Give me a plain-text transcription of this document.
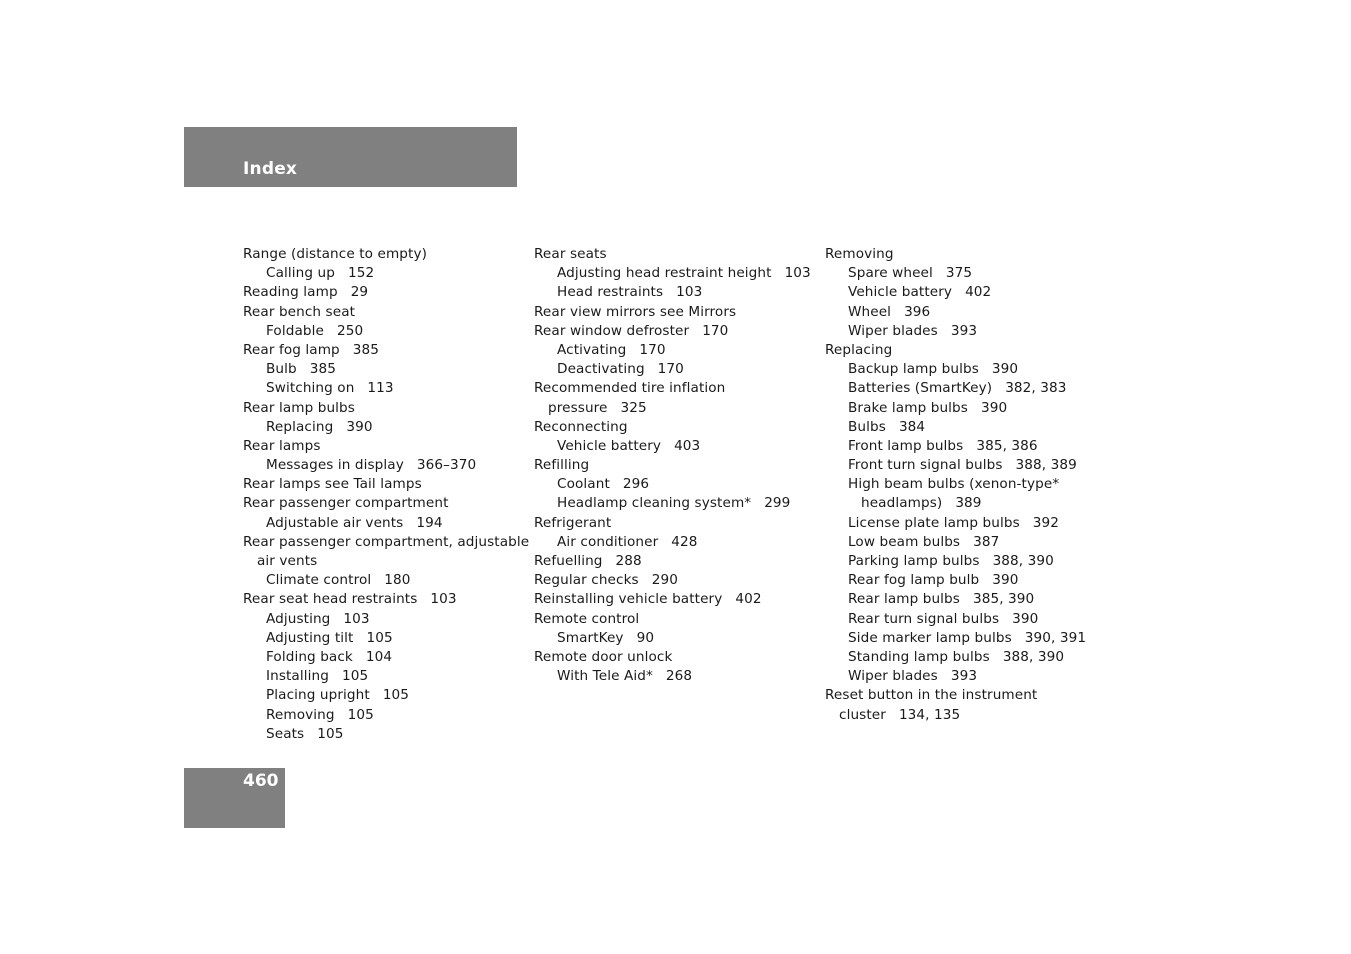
Index
Range (distance to empty)
Calling up 152
Reading lamp 29
Rear bench seat
Foldable 250
Rear fog lamp 385
Bulb 385
Switching on 113
Rear lamp bulbs
Replacing 390
Rear lamps
Messages in display 366–370
Rear lamps see Tail lamps
Rear passenger compartment
Adjustable air vents 194
Rear passenger compartment, adjustable
air vents
Climate control 180
Rear seat head restraints 103
Adjusting 103
Adjusting tilt 105
Folding back 104
Installing 105
Placing upright 105
Removing 105
Seats 105
Rear seats
Adjusting head restraint height 103
Head restraints 103
Rear view mirrors see Mirrors
Rear window defroster 170
Activating 170
Deactivating 170
Recommended tire inflation
pressure 325
Reconnecting
Vehicle battery 403
Refilling
Coolant 296
Headlamp cleaning system* 299
Refrigerant
Air conditioner 428
Refuelling 288
Regular checks 290
Reinstalling vehicle battery 402
Remote control
SmartKey 90
Remote door unlock
With Tele Aid* 268
Removing
Spare wheel 375
Vehicle battery 402
Wheel 396
Wiper blades 393
Replacing
Backup lamp bulbs 390
Batteries (SmartKey) 382, 383
Brake lamp bulbs 390
Bulbs 384
Front lamp bulbs 385, 386
Front turn signal bulbs 388, 389
High beam bulbs (xenon-type*
headlamps) 389
License plate lamp bulbs 392
Low beam bulbs 387
Parking lamp bulbs 388, 390
Rear fog lamp bulb 390
Rear lamp bulbs 385, 390
Rear turn signal bulbs 390
Side marker lamp bulbs 390, 391
Standing lamp bulbs 388, 390
Wiper blades 393
Reset button in the instrument
cluster 134, 135
460
